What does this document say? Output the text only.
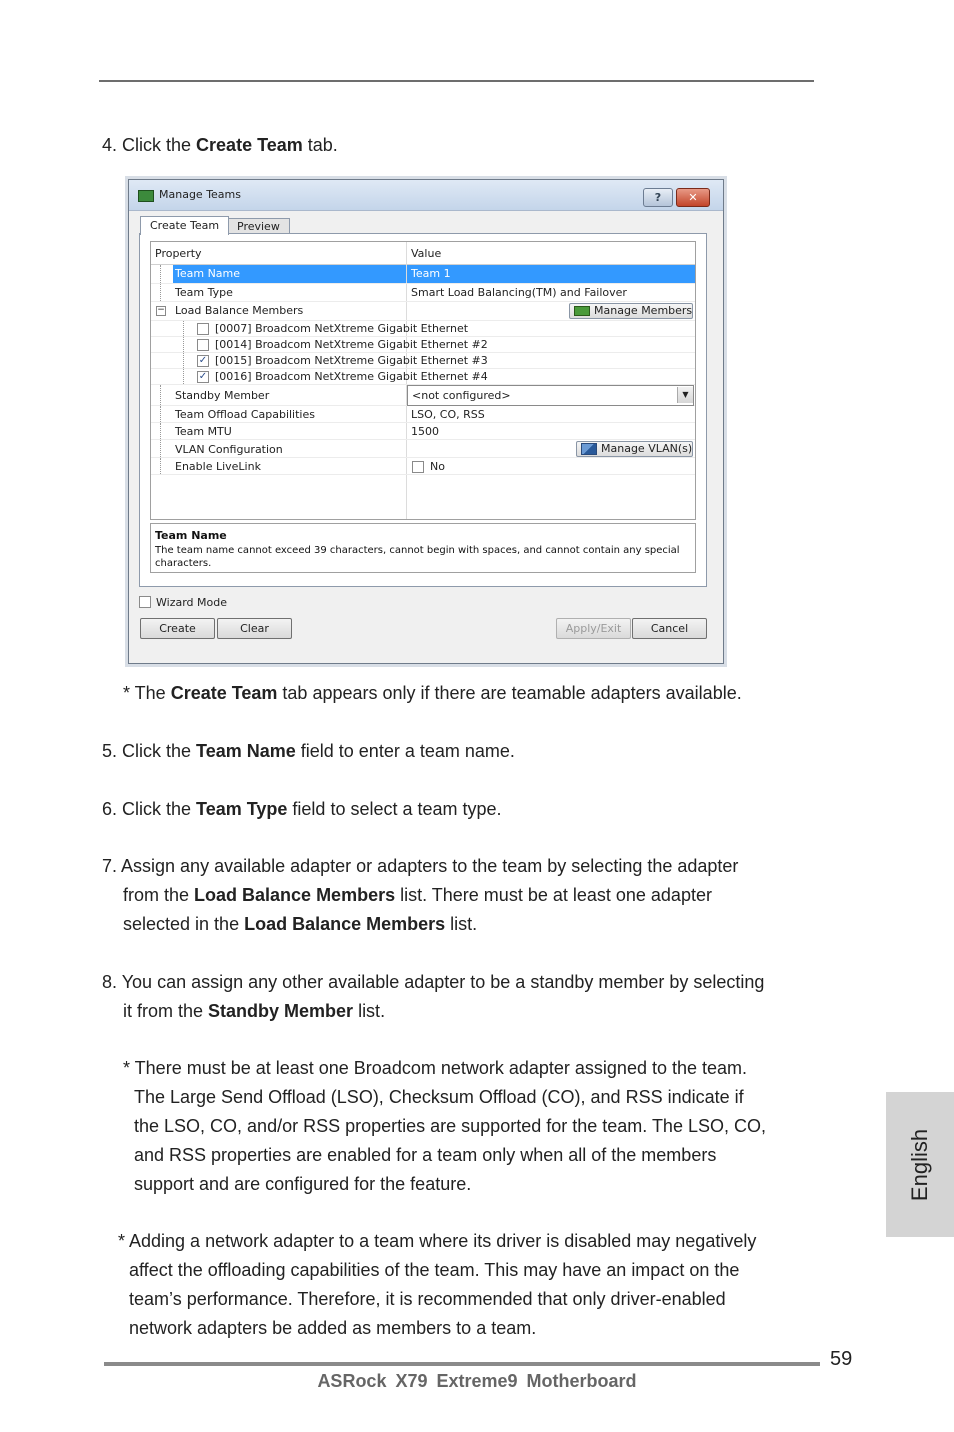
4. Click the Create Team tab.
Manage Teams	?	✕
Create Team	Preview
Property	Value
Team Name	Team 1
Team Type	Smart Load Balancing(TM) and Failover
− Load Balance Members	Manage Members
[0007] Broadcom NetXtreme Gigabit Ethernet
[0014] Broadcom NetXtreme Gigabit Ethernet #2
✓ [0015] Broadcom NetXtreme Gigabit Ethernet #3
✓ [0016] Broadcom NetXtreme Gigabit Ethernet #4
Standby Member	<not configured>	▼
Team Offload Capabilities	LSO, CO, RSS
Team MTU	1500
VLAN Configuration	Manage VLAN(s)
Enable LiveLink	No
Team Name
The team name cannot exceed 39 characters, cannot begin with spaces, and cannot contain any special characters.
Wizard Mode
Create	Clear	Apply/Exit	Cancel
* The Create Team tab appears only if there are teamable adapters available.
5. Click the Team Name field to enter a team name.
6. Click the Team Type field to select a team type.
7. Assign any available adapter or adapters to the team by selecting the adapter
from the Load Balance Members list. There must be at least one adapter
selected in the Load Balance Members list.
8. You can assign any other available adapter to be a standby member by selecting
it from the Standby Member list.
* There must be at least one Broadcom network adapter assigned to the team.
The Large Send Offload (LSO), Checksum Offload (CO), and RSS indicate if
the LSO, CO, and/or RSS properties are supported for the team. The LSO, CO,
and RSS properties are enabled for a team only when all of the members
support and are configured for the feature.
* Adding a network adapter to a team where its driver is disabled may negatively
affect the offloading capabilities of the team. This may have an impact on the
team’s performance. Therefore, it is recommended that only driver-enabled
network adapters be added as members to a team.
English
59
ASRock X79 Extreme9 Motherboard
